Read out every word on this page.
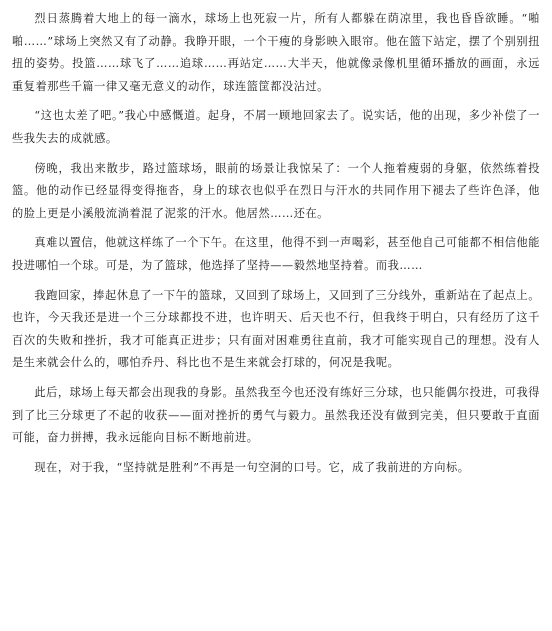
烈日蒸腾着大地上的每一滴水，球场上也死寂一片，所有人都躲在荫凉里，我也昏昏欲睡。“啪啪……”球场上突然又有了动静。我睁开眼，一个干瘦的身影映入眼帘。他在篮下站定，摆了个别别扭扭的姿势。投篮……球飞了……追球……再站定……大半天，他就像录像机里循环播放的画面，永远重复着那些千篇一律又毫无意义的动作，球连篮筐都没沾过。

“这也太差了吧。”我心中感慨道。起身，不屑一顾地回家去了。说实话，他的出现，多少补偿了一些我失去的成就感。

傍晚，我出来散步，路过篮球场，眼前的场景让我惊呆了：一个人拖着瘦弱的身躯，依然练着投篮。他的动作已经显得变得拖沓，身上的球衣也似乎在烈日与汗水的共同作用下褪去了些许色泽，他的脸上更是小溪般流淌着混了泥浆的汗水。他居然……还在。

真难以置信，他就这样练了一个下午。在这里，他得不到一声喝彩，甚至他自己可能都不相信他能投进哪怕一个球。可是，为了篮球，他选择了坚持——毅然地坚持着。而我……

我跑回家，捧起休息了一下午的篮球，又回到了球场上，又回到了三分线外，重新站在了起点上。也许，今天我还是进一个三分球都投不进，也许明天、后天也不行，但我终于明白，只有经历了这千百次的失败和挫折，我才可能真正进步；只有面对困难勇往直前，我才可能实现自己的理想。没有人是生来就会什么的，哪怕乔丹、科比也不是生来就会打球的，何况是我呢。

此后，球场上每天都会出现我的身影。虽然我至今也还没有练好三分球，也只能偶尔投进，可我得到了比三分球更了不起的收获——面对挫折的勇气与毅力。虽然我还没有做到完美，但只要敢于直面可能，奋力拼搏，我永远能向目标不断地前进。

现在，对于我，“坚持就是胜利”不再是一句空洞的口号。它，成了我前进的方向标。
